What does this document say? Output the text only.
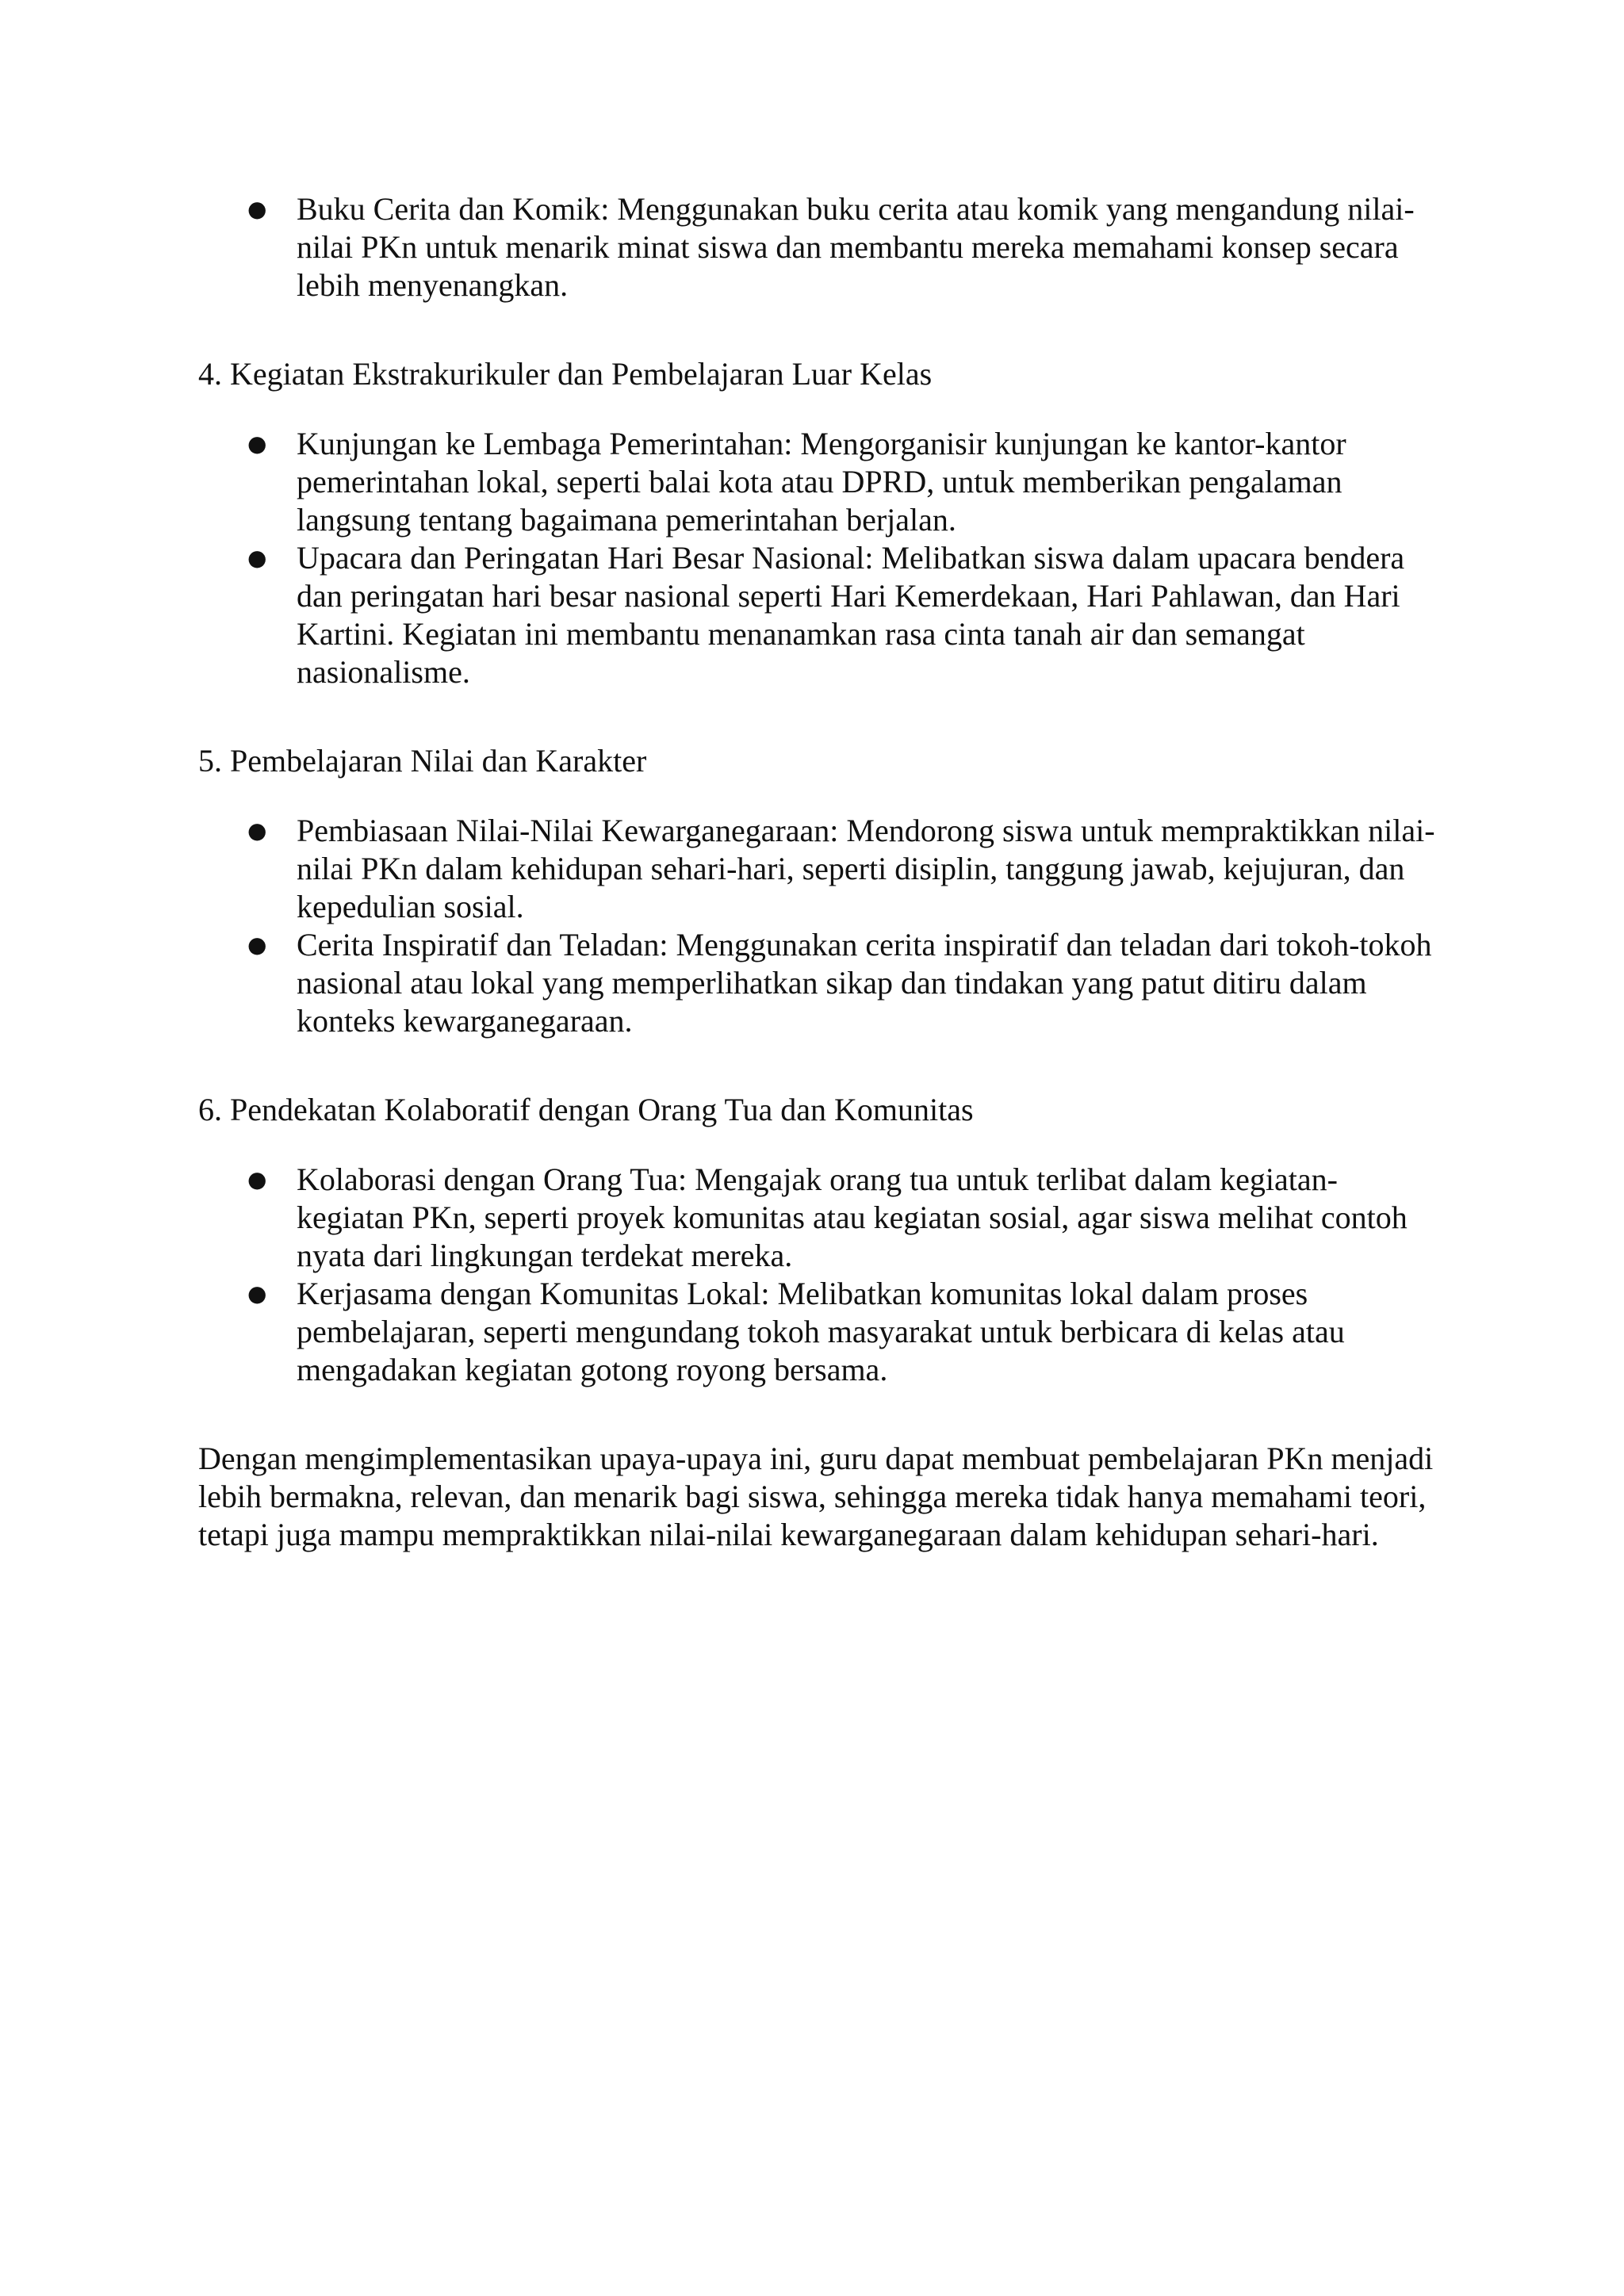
● Buku Cerita dan Komik: Menggunakan buku cerita atau komik yang mengandung nilai-nilai PKn untuk menarik minat siswa dan membantu mereka memahami konsep secara lebih menyenangkan.
4. Kegiatan Ekstrakurikuler dan Pembelajaran Luar Kelas
● Kunjungan ke Lembaga Pemerintahan: Mengorganisir kunjungan ke kantor-kantor pemerintahan lokal, seperti balai kota atau DPRD, untuk memberikan pengalaman langsung tentang bagaimana pemerintahan berjalan.
● Upacara dan Peringatan Hari Besar Nasional: Melibatkan siswa dalam upacara bendera dan peringatan hari besar nasional seperti Hari Kemerdekaan, Hari Pahlawan, dan Hari Kartini. Kegiatan ini membantu menanamkan rasa cinta tanah air dan semangat nasionalisme.
5. Pembelajaran Nilai dan Karakter
● Pembiasaan Nilai-Nilai Kewarganegaraan: Mendorong siswa untuk mempraktikkan nilai-nilai PKn dalam kehidupan sehari-hari, seperti disiplin, tanggung jawab, kejujuran, dan kepedulian sosial.
● Cerita Inspiratif dan Teladan: Menggunakan cerita inspiratif dan teladan dari tokoh-tokoh nasional atau lokal yang memperlihatkan sikap dan tindakan yang patut ditiru dalam konteks kewarganegaraan.
6. Pendekatan Kolaboratif dengan Orang Tua dan Komunitas
● Kolaborasi dengan Orang Tua: Mengajak orang tua untuk terlibat dalam kegiatan-kegiatan PKn, seperti proyek komunitas atau kegiatan sosial, agar siswa melihat contoh nyata dari lingkungan terdekat mereka.
● Kerjasama dengan Komunitas Lokal: Melibatkan komunitas lokal dalam proses pembelajaran, seperti mengundang tokoh masyarakat untuk berbicara di kelas atau mengadakan kegiatan gotong royong bersama.

Dengan mengimplementasikan upaya-upaya ini, guru dapat membuat pembelajaran PKn menjadi lebih bermakna, relevan, dan menarik bagi siswa, sehingga mereka tidak hanya memahami teori, tetapi juga mampu mempraktikkan nilai-nilai kewarganegaraan dalam kehidupan sehari-hari.
